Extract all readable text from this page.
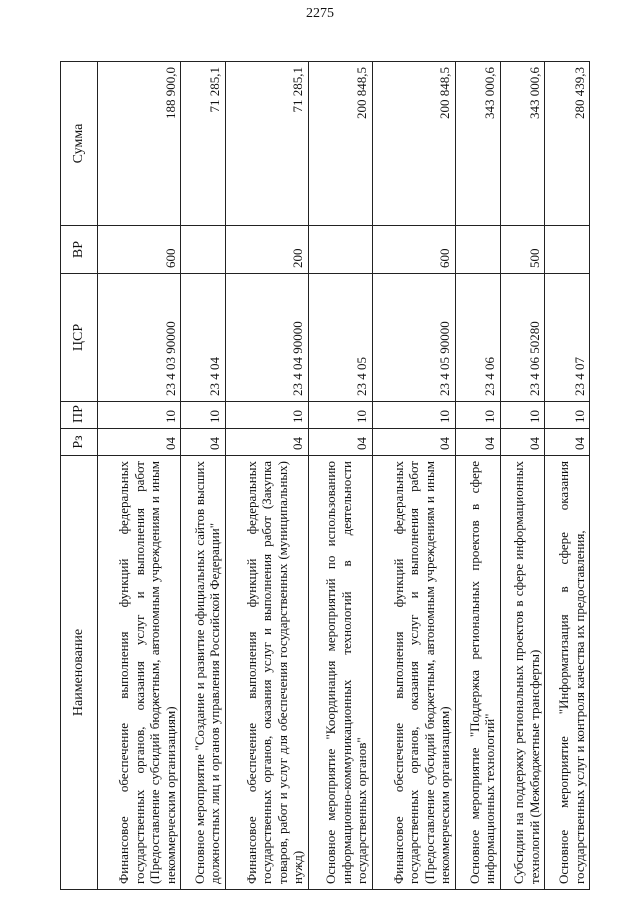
2275
Наименование	Рз	ПР	ЦСР	ВР	Сумма
Финансовое обеспечение выполнения функций федеральных государственных органов, оказания услуг и выполнения работ (Предоставление субсидий бюджетным, автономным учреждениям и иным некоммерческим организациям)	04	10	23 4 03 90000	600	188 900,0
Основное мероприятие "Создание и развитие официальных сайтов высших должностных лиц и органов управления Российской Федерации"	04	10	23 4 04		71 285,1
Финансовое обеспечение выполнения функций федеральных государственных органов, оказания услуг и выполнения работ (Закупка товаров, работ и услуг для обеспечения государственных (муниципальных) нужд)	04	10	23 4 04 90000	200	71 285,1
Основное мероприятие "Координация мероприятий по использованию информационно-коммуникационных технологий в деятельности государственных органов"	04	10	23 4 05		200 848,5
Финансовое обеспечение выполнения функций федеральных государственных органов, оказания услуг и выполнения работ (Предоставление субсидий бюджетным, автономным учреждениям и иным некоммерческим организациям)	04	10	23 4 05 90000	600	200 848,5
Основное мероприятие "Поддержка региональных проектов в сфере информационных технологий"	04	10	23 4 06		343 000,6
Субсидии на поддержку региональных проектов в сфере информационных технологий (Межбюджетные трансферты)	04	10	23 4 06 50280	500	343 000,6
Основное мероприятие "Информатизация в сфере оказания государственных услуг и контроля качества их предоставления,	04	10	23 4 07		280 439,3
